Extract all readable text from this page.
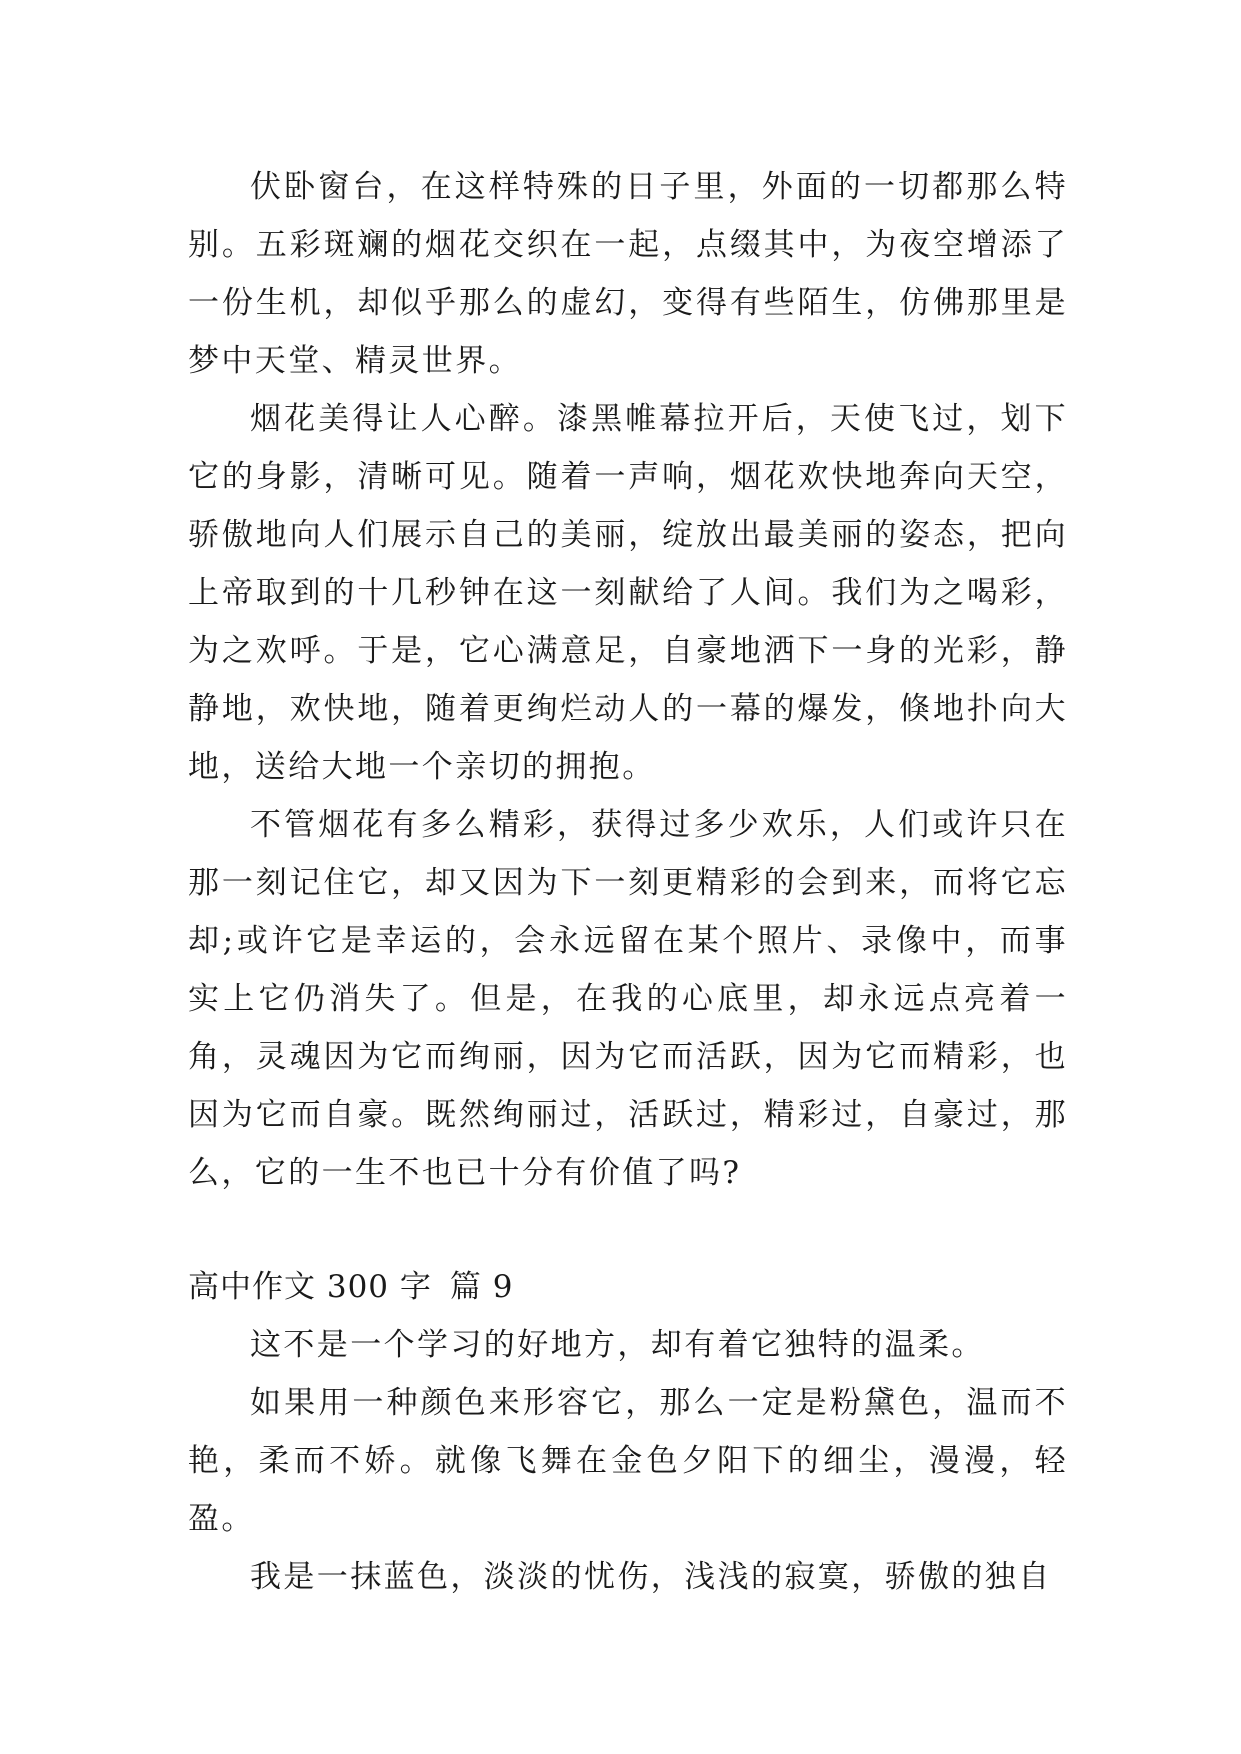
伏卧窗台，在这样特殊的日子里，外面的一切都那么特别。五彩斑斓的烟花交织在一起，点缀其中，为夜空增添了一份生机，却似乎那么的虚幻，变得有些陌生，仿佛那里是梦中天堂、精灵世界。

烟花美得让人心醉。漆黑帷幕拉开后，天使飞过，划下它的身影，清晰可见。随着一声响，烟花欢快地奔向天空，骄傲地向人们展示自己的美丽，绽放出最美丽的姿态，把向上帝取到的十几秒钟在这一刻献给了人间。我们为之喝彩，为之欢呼。于是，它心满意足，自豪地洒下一身的光彩，静静地，欢快地，随着更绚烂动人的一幕的爆发，倏地扑向大地，送给大地一个亲切的拥抱。

不管烟花有多么精彩，获得过多少欢乐，人们或许只在那一刻记住它，却又因为下一刻更精彩的会到来，而将它忘却;或许它是幸运的，会永远留在某个照片、录像中，而事实上它仍消失了。但是，在我的心底里，却永远点亮着一角，灵魂因为它而绚丽，因为它而活跃，因为它而精彩，也因为它而自豪。既然绚丽过，活跃过，精彩过，自豪过，那么，它的一生不也已十分有价值了吗?

高中作文 300 字 篇 9

这不是一个学习的好地方，却有着它独特的温柔。

如果用一种颜色来形容它，那么一定是粉黛色，温而不艳，柔而不娇。就像飞舞在金色夕阳下的细尘，漫漫，轻盈。

我是一抹蓝色，淡淡的忧伤，浅浅的寂寞，骄傲的独自
